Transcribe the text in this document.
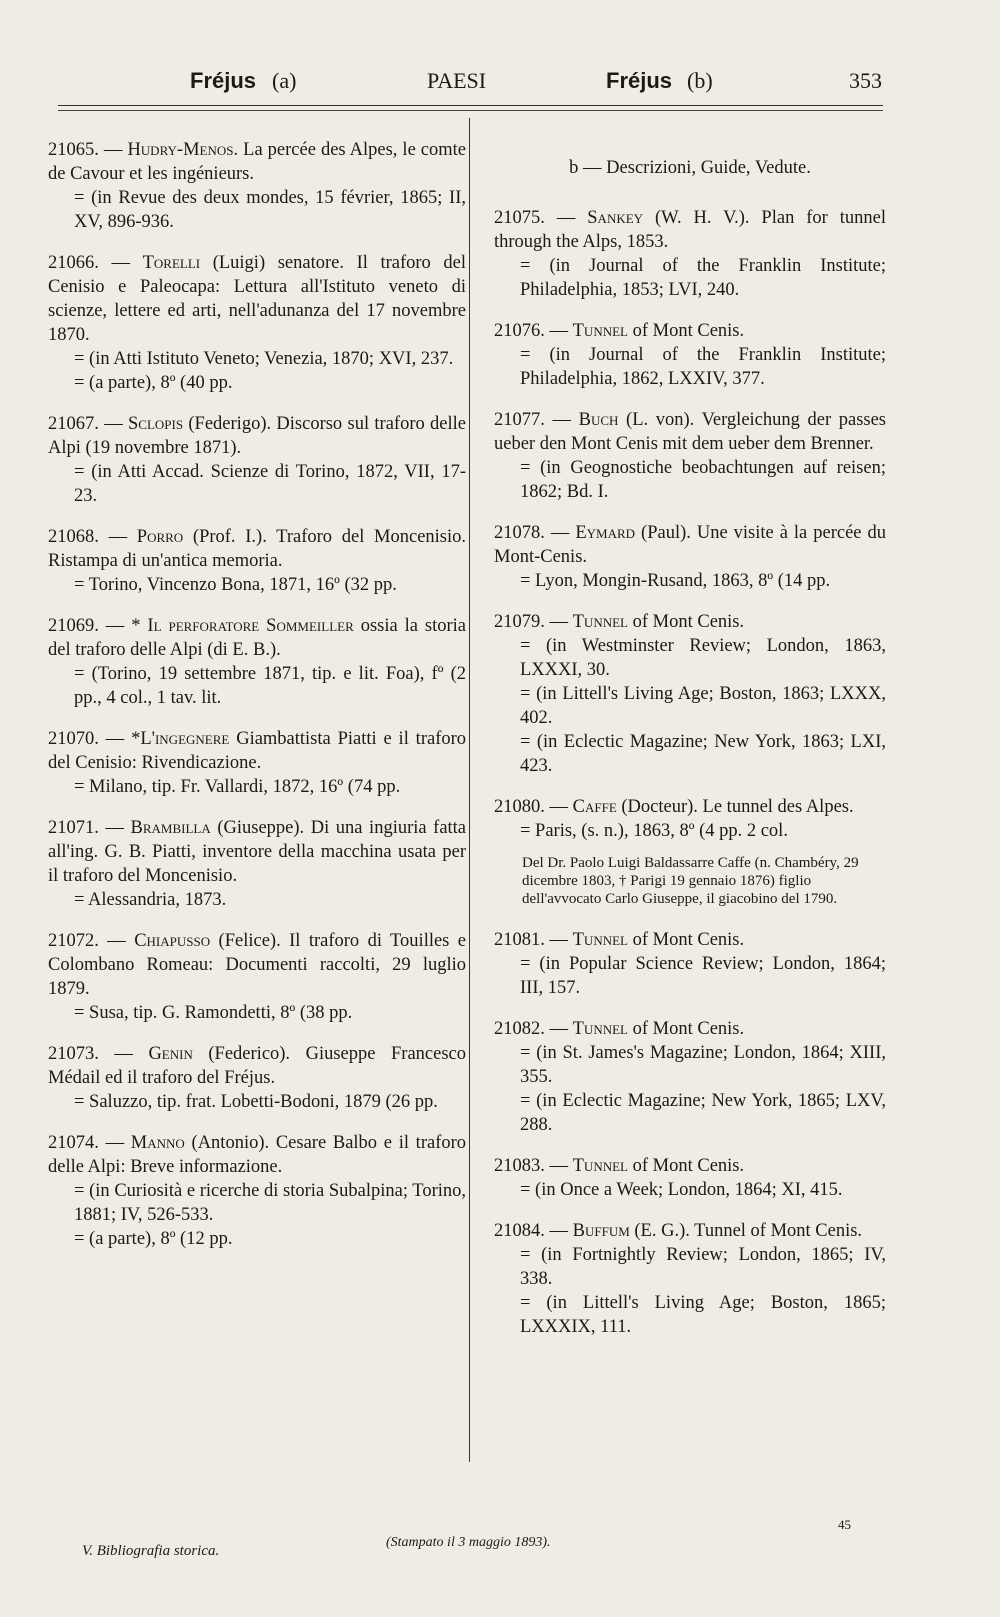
Fréjus (a)	PAESI	Fréjus (b)	353
21065. — Hudry-Menos. La percée des Alpes, le comte de Cavour et les ingénieurs.
= (in Revue des deux mondes, 15 février, 1865; II, XV, 896-936.
21066. — Torelli (Luigi) senatore. Il traforo del Cenisio e Paleocapa: Lettura all'Istituto veneto di scienze, lettere ed arti, nell'adunanza del 17 novembre 1870.
= (in Atti Istituto Veneto; Venezia, 1870; XVI, 237.
= (a parte), 8º (40 pp.
21067. — Sclopis (Federigo). Discorso sul traforo delle Alpi (19 novembre 1871).
= (in Atti Accad. Scienze di Torino, 1872, VII, 17-23.
21068. — Porro (Prof. I.). Traforo del Moncenisio. Ristampa di un'antica memoria.
= Torino, Vincenzo Bona, 1871, 16º (32 pp.
21069. — * Il perforatore Sommeiller ossia la storia del traforo delle Alpi (di E. B.).
= (Torino, 19 settembre 1871, tip. e lit. Foa), fº (2 pp., 4 col., 1 tav. lit.
21070. — *L'ingegnere Giambattista Piatti e il traforo del Cenisio: Rivendicazione.
= Milano, tip. Fr. Vallardi, 1872, 16º (74 pp.
21071. — Brambilla (Giuseppe). Di una ingiuria fatta all'ing. G. B. Piatti, inventore della macchina usata per il traforo del Moncenisio.
= Alessandria, 1873.
21072. — Chiapusso (Felice). Il traforo di Touilles e Colombano Romeau: Documenti raccolti, 29 luglio 1879.
= Susa, tip. G. Ramondetti, 8º (38 pp.
21073. — Genin (Federico). Giuseppe Francesco Médail ed il traforo del Fréjus.
= Saluzzo, tip. frat. Lobetti-Bodoni, 1879 (26 pp.
21074. — Manno (Antonio). Cesare Balbo e il traforo delle Alpi: Breve informazione.
= (in Curiosità e ricerche di storia Subalpina; Torino, 1881; IV, 526-533.
= (a parte), 8º (12 pp.
b — Descrizioni, Guide, Vedute.
21075. — Sankey (W. H. V.). Plan for tunnel through the Alps, 1853.
= (in Journal of the Franklin Institute; Philadelphia, 1853; LVI, 240.
21076. — Tunnel of Mont Cenis.
= (in Journal of the Franklin Institute; Philadelphia, 1862, LXXIV, 377.
21077. — Buch (L. von). Vergleichung der passes ueber den Mont Cenis mit dem ueber dem Brenner.
= (in Geognostiche beobachtungen auf reisen; 1862; Bd. I.
21078. — Eymard (Paul). Une visite à la percée du Mont-Cenis.
= Lyon, Mongin-Rusand, 1863, 8º (14 pp.
21079. — Tunnel of Mont Cenis.
= (in Westminster Review; London, 1863, LXXXI, 30.
= (in Littell's Living Age; Boston, 1863; LXXX, 402.
= (in Eclectic Magazine; New York, 1863; LXI, 423.
21080. — Caffe (Docteur). Le tunnel des Alpes.
= Paris, (s. n.), 1863, 8º (4 pp. 2 col.
Del Dr. Paolo Luigi Baldassarre Caffe (n. Chambéry, 29 dicembre 1803, † Parigi 19 gennaio 1876) figlio dell'avvocato Carlo Giuseppe, il giacobino del 1790.
21081. — Tunnel of Mont Cenis.
= (in Popular Science Review; London, 1864; III, 157.
21082. — Tunnel of Mont Cenis.
= (in St. James's Magazine; London, 1864; XIII, 355.
= (in Eclectic Magazine; New York, 1865; LXV, 288.
21083. — Tunnel of Mont Cenis.
= (in Once a Week; London, 1864; XI, 415.
21084. — Buffum (E. G.). Tunnel of Mont Cenis.
= (in Fortnightly Review; London, 1865; IV, 338.
= (in Littell's Living Age; Boston, 1865; LXXXIX, 111.
V. Bibliografia storica.
(Stampato il 3 maggio 1893).
45
